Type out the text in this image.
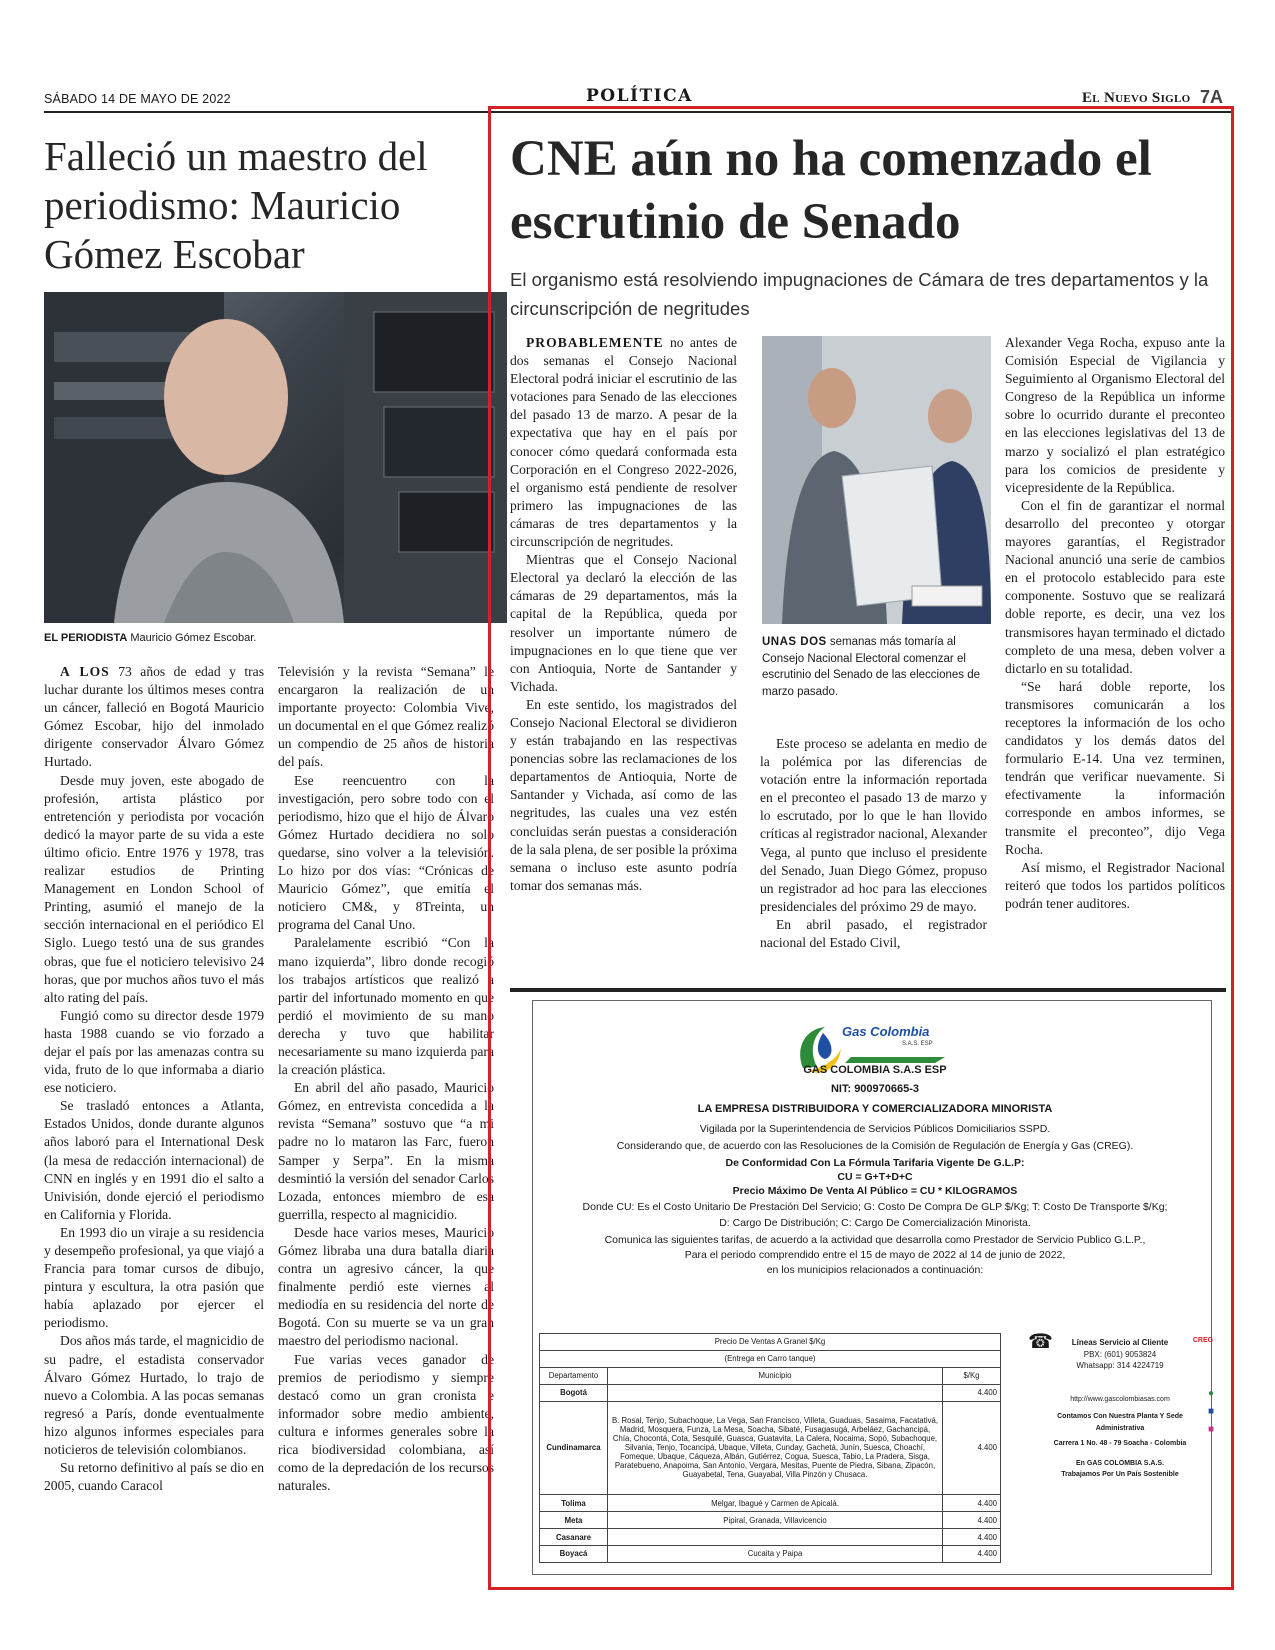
SÁBADO 14 DE MAYO DE 2022	POLÍTICA	El Nuevo Siglo 7A
Falleció un maestro del periodismo: Mauricio Gómez Escobar
EL PERIODISTA Mauricio Gómez Escobar.

A LOS 73 años de edad y tras luchar durante los últimos meses contra un cáncer, falleció en Bogotá Mauricio Gómez Escobar, hijo del inmolado dirigente conservador Álvaro Gómez Hurtado.

Desde muy joven, este abogado de profesión, artista plástico por entretención y periodista por vocación dedicó la mayor parte de su vida a este último oficio. Entre 1976 y 1978, tras realizar estudios de Printing Management en London School of Printing, asumió el manejo de la sección internacional en el periódico El Siglo. Luego testó una de sus grandes obras, que fue el noticiero televisivo 24 horas, que por muchos años tuvo el más alto rating del país.

Fungió como su director desde 1979 hasta 1988 cuando se vio forzado a dejar el país por las amenazas contra su vida, fruto de lo que informaba a diario ese noticiero.

Se trasladó entonces a Atlanta, Estados Unidos, donde durante algunos años laboró para el International Desk (la mesa de redacción internacional) de CNN en inglés y en 1991 dio el salto a Univisión, donde ejerció el periodismo en California y Florida.

En 1993 dio un viraje a su residencia y desempeño profesional, ya que viajó a Francia para tomar cursos de dibujo, pintura y escultura, la otra pasión que había aplazado por ejercer el periodismo.

Dos años más tarde, el magnicidio de su padre, el estadista conservador Álvaro Gómez Hurtado, lo trajo de nuevo a Colombia. A las pocas semanas regresó a París, donde eventualmente hizo algunos informes especiales para noticieros de televisión colombianos.

Su retorno definitivo al país se dio en 2005, cuando Caracol

Televisión y la revista “Semana” le encargaron la realización de un importante proyecto: Colombia Vive, un documental en el que Gómez realizó un compendio de 25 años de historia del país.

Ese reencuentro con la investigación, pero sobre todo con el periodismo, hizo que el hijo de Álvaro Gómez Hurtado decidiera no solo quedarse, sino volver a la televisión. Lo hizo por dos vías: “Crónicas de Mauricio Gómez”, que emitía el noticiero CM&, y 8Treinta, un programa del Canal Uno.

Paralelamente escribió “Con la mano izquierda”, libro donde recogió los trabajos artísticos que realizó a partir del infortunado momento en que perdió el movimiento de su mano derecha y tuvo que habilitar necesariamente su mano izquierda para la creación plástica.

En abril del año pasado, Mauricio Gómez, en entrevista concedida a la revista “Semana” sostuvo que “a mi padre no lo mataron las Farc, fueron Samper y Serpa”. En la misma desmintió la versión del senador Carlos Lozada, entonces miembro de esa guerrilla, respecto al magnicidio.

Desde hace varios meses, Mauricio Gómez libraba una dura batalla diaria contra un agresivo cáncer, la que finalmente perdió este viernes al mediodía en su residencia del norte de Bogotá. Con su muerte se va un gran maestro del periodismo nacional.

Fue varias veces ganador de premios de periodismo y siempre destacó como un gran cronista e informador sobre medio ambiente, cultura e informes generales sobre la rica biodiversidad colombiana, así como de la depredación de los recursos naturales.

CNE aún no ha comenzado el escrutinio de Senado
El organismo está resolviendo impugnaciones de Cámara de tres departamentos y la circunscripción de negritudes

PROBABLEMENTE no antes de dos semanas el Consejo Nacional Electoral podrá iniciar el escrutinio de las votaciones para Senado de las elecciones del pasado 13 de marzo. A pesar de la expectativa que hay en el país por conocer cómo quedará conformada esta Corporación en el Congreso 2022-2026, el organismo está pendiente de resolver primero las impugnaciones de las cámaras de tres departamentos y la circunscripción de negritudes.

Mientras que el Consejo Nacional Electoral ya declaró la elección de las cámaras de 29 departamentos, más la capital de la República, queda por resolver un importante número de impugnaciones en lo que tiene que ver con Antioquia, Norte de Santander y Vichada.

En este sentido, los magistrados del Consejo Nacional Electoral se dividieron y están trabajando en las respectivas ponencias sobre las reclamaciones de los departamentos de Antioquia, Norte de Santander y Vichada, así como de las negritudes, las cuales una vez estén concluidas serán puestas a consideración de la sala plena, de ser posible la próxima semana o incluso este asunto podría tomar dos semanas más.

UNAS DOS semanas más tomaría al Consejo Nacional Electoral comenzar el escrutinio del Senado de las elecciones de marzo pasado.

Este proceso se adelanta en medio de la polémica por las diferencias de votación entre la información reportada en el preconteo el pasado 13 de marzo y lo escrutado, por lo que le han llovido críticas al registrador nacional, Alexander Vega, al punto que incluso el presidente del Senado, Juan Diego Gómez, propuso un registrador ad hoc para las elecciones presidenciales del próximo 29 de mayo.

En abril pasado, el registrador nacional del Estado Civil,

Alexander Vega Rocha, expuso ante la Comisión Especial de Vigilancia y Seguimiento al Organismo Electoral del Congreso de la República un informe sobre lo ocurrido durante el preconteo en las elecciones legislativas del 13 de marzo y socializó el plan estratégico para los comicios de presidente y vicepresidente de la República.

Con el fin de garantizar el normal desarrollo del preconteo y otorgar mayores garantías, el Registrador Nacional anunció una serie de cambios en el protocolo establecido para este componente. Sostuvo que se realizará doble reporte, es decir, una vez los transmisores hayan terminado el dictado completo de una mesa, deben volver a dictarlo en su totalidad.

“Se hará doble reporte, los transmisores comunicarán a los receptores la información de los ocho candidatos y los demás datos del formulario E-14. Una vez terminen, tendrán que verificar nuevamente. Si efectivamente la información corresponde en ambos informes, se transmite el preconteo”, dijo Vega Rocha.

Así mismo, el Registrador Nacional reiteró que todos los partidos políticos podrán tener auditores.

Gas Colombia
S.A.S. ESP
GAS COLOMBIA S.A.S ESP
NIT: 900970665-3
LA EMPRESA DISTRIBUIDORA Y COMERCIALIZADORA MINORISTA
Vigilada por la Superintendencia de Servicios Públicos Domiciliarios SSPD.
Considerando que, de acuerdo con las Resoluciones de la Comisión de Regulación de Energía y Gas (CREG).
De Conformidad Con La Fórmula Tarifaria Vigente De G.L.P:
CU = G+T+D+C
Precio Máximo De Venta Al Público = CU * KILOGRAMOS
Donde CU: Es el Costo Unitario De Prestación Del Servicio; G: Costo De Compra De GLP $/Kg; T: Costo De Transporte $/Kg;
D: Cargo De Distribución; C: Cargo De Comercialización Minorista.
Comunica las siguientes tarifas, de acuerdo a la actividad que desarrolla como Prestador de Servicio Publico G.L.P.,
Para el periodo comprendido entre el 15 de mayo de 2022 al 14 de junio de 2022,
en los municipios relacionados a continuación:
Precio De Ventas A Granel $/Kg		
(Entrega en Carro tanque)		
Departamento	Municipio	$/Kg
Bogotá		4.400
Cundinamarca	B. Rosal, Tenjo, Subachoque, La Vega, San Francisco, Villeta, Guaduas, Sasaima, Facatativá, Madrid, Mosquera, Funza, La Mesa, Soacha, Sibaté, Fusagasugá, Arbeláez, Gachancipá, Chía, Chocontá, Cota, Sesquilé, Guasca, Guatavita, La Calera, Nocaima, Sopó, Subachoque, Silvania, Tenjo, Tocancipá, Ubaque, Villeta, Cunday, Gachetá, Junín, Suesca, Choachí, Fomeque, Ubaque, Cáqueza, Albán, Gutiérrez, Cogua, Suesca, Tabio, La Pradera, Sisga, Paratebueno, Anapoima, San Antonio, Vergara, Mesitas, Puente de Piedra, Sibana, Zipacón, Guayabetal, Tena, Guayabal, Villa Pinzón y Chusaca.	4.400
Tolima	Melgar, Ibagué y Carmen de Apicalá.	4.400
Meta	Pipiral, Granada, Villavicencio	4.400
Casanare		4.400
Boyacá	Cucaita y Paipa	4.400
☎	Líneas Servicio al Cliente
PBX: (601) 9053824
Whatsapp: 314 4224719
CREG
http://www.gascolombiasas.com
Contamos Con Nuestra Planta Y Sede Administrativa
Carrera 1 No. 48 - 79 Soacha - Colombia
En GAS COLOMBIA S.A.S.
Trabajamos Por Un País Sostenible
●
■
■
